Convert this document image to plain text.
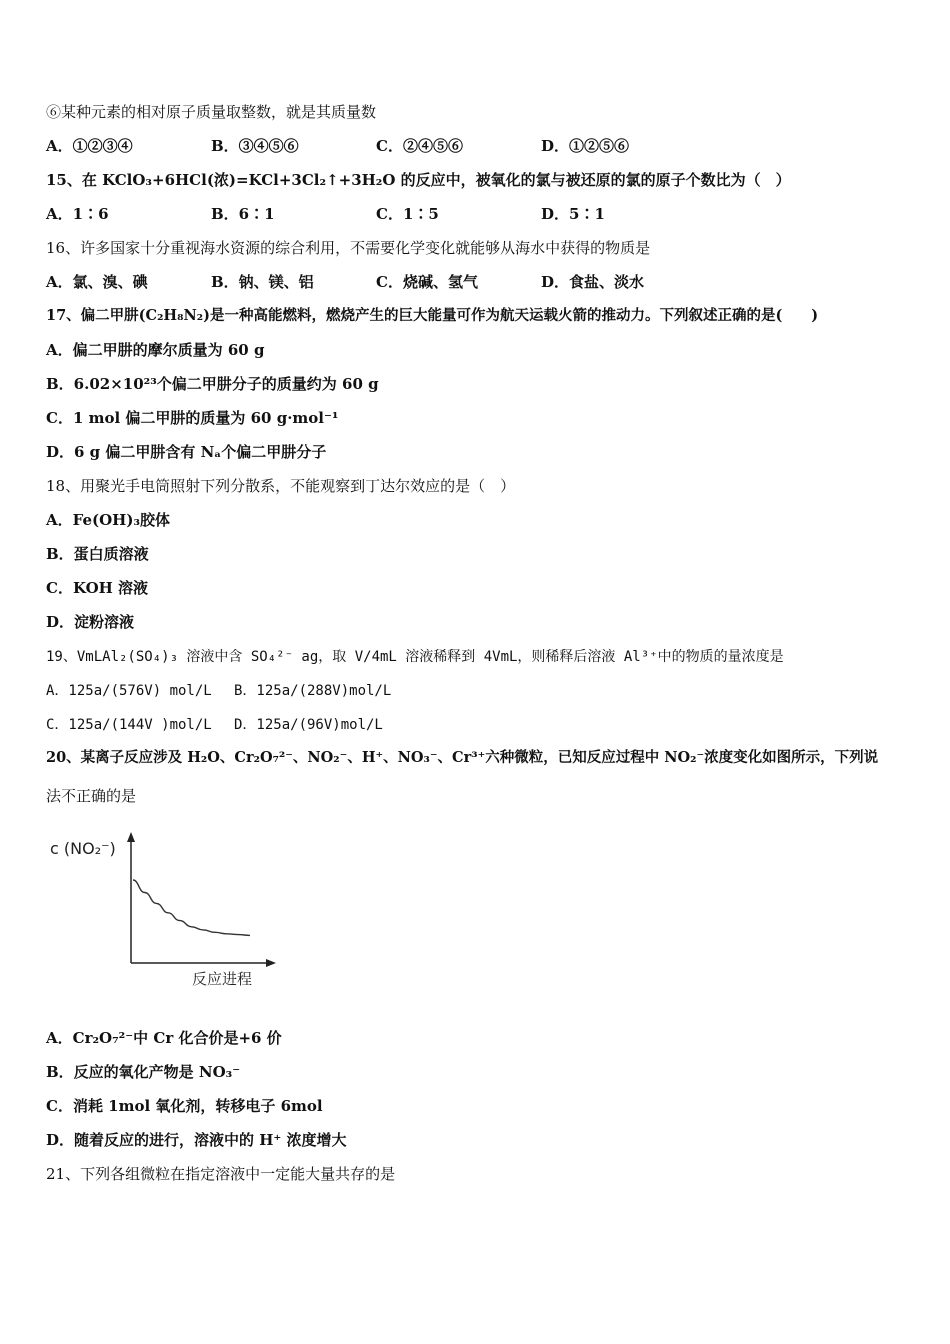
⑥某种元素的相对原子质量取整数，就是其质量数
A．①②③④	B．③④⑤⑥	C．②④⑤⑥	D．①②⑤⑥
15、在 KClO₃+6HCl(浓)=KCl+3Cl₂↑+3H₂O 的反应中，被氧化的氯与被还原的氯的原子个数比为（　）
A．1∶6	B．6∶1	C．1∶5	D．5∶1
16、许多国家十分重视海水资源的综合利用，不需要化学变化就能够从海水中获得的物质是
A．氯、溴、碘	B．钠、镁、铝	C．烧碱、氢气	D．食盐、淡水
17、偏二甲肼(C₂H₈N₂)是一种高能燃料，燃烧产生的巨大能量可作为航天运载火箭的推动力。下列叙述正确的是(　　)
A．偏二甲肼的摩尔质量为 60 g
B．6.02×10²³个偏二甲肼分子的质量约为 60 g
C．1 mol 偏二甲肼的质量为 60 g·mol⁻¹
D．6 g 偏二甲肼含有 Nₐ个偏二甲肼分子
18、用聚光手电筒照射下列分散系，不能观察到丁达尔效应的是（　）
A．Fe(OH)₃胶体
B．蛋白质溶液
C．KOH 溶液
D．淀粉溶液
19、VmLAl₂(SO₄)₃ 溶液中含 SO₄²⁻ ag，取 V/4mL 溶液稀释到 4VmL，则稀释后溶液 Al³⁺中的物质的量浓度是
A．125a/(576V) mol/L B．125a/(288V)mol/L
C．125a/(144V )mol/L D．125a/(96V)mol/L
20、某离子反应涉及 H₂O、Cr₂O₇²⁻、NO₂⁻、H⁺、NO₃⁻、Cr³⁺六种微粒，已知反应过程中 NO₂⁻浓度变化如图所示，下列说
法不正确的是
c (NO₂⁻)
反应进程
A．Cr₂O₇²⁻中 Cr 化合价是+6 价
B．反应的氧化产物是 NO₃⁻
C．消耗 1mol 氧化剂，转移电子 6mol
D．随着反应的进行，溶液中的 H⁺ 浓度增大
21、下列各组微粒在指定溶液中一定能大量共存的是
